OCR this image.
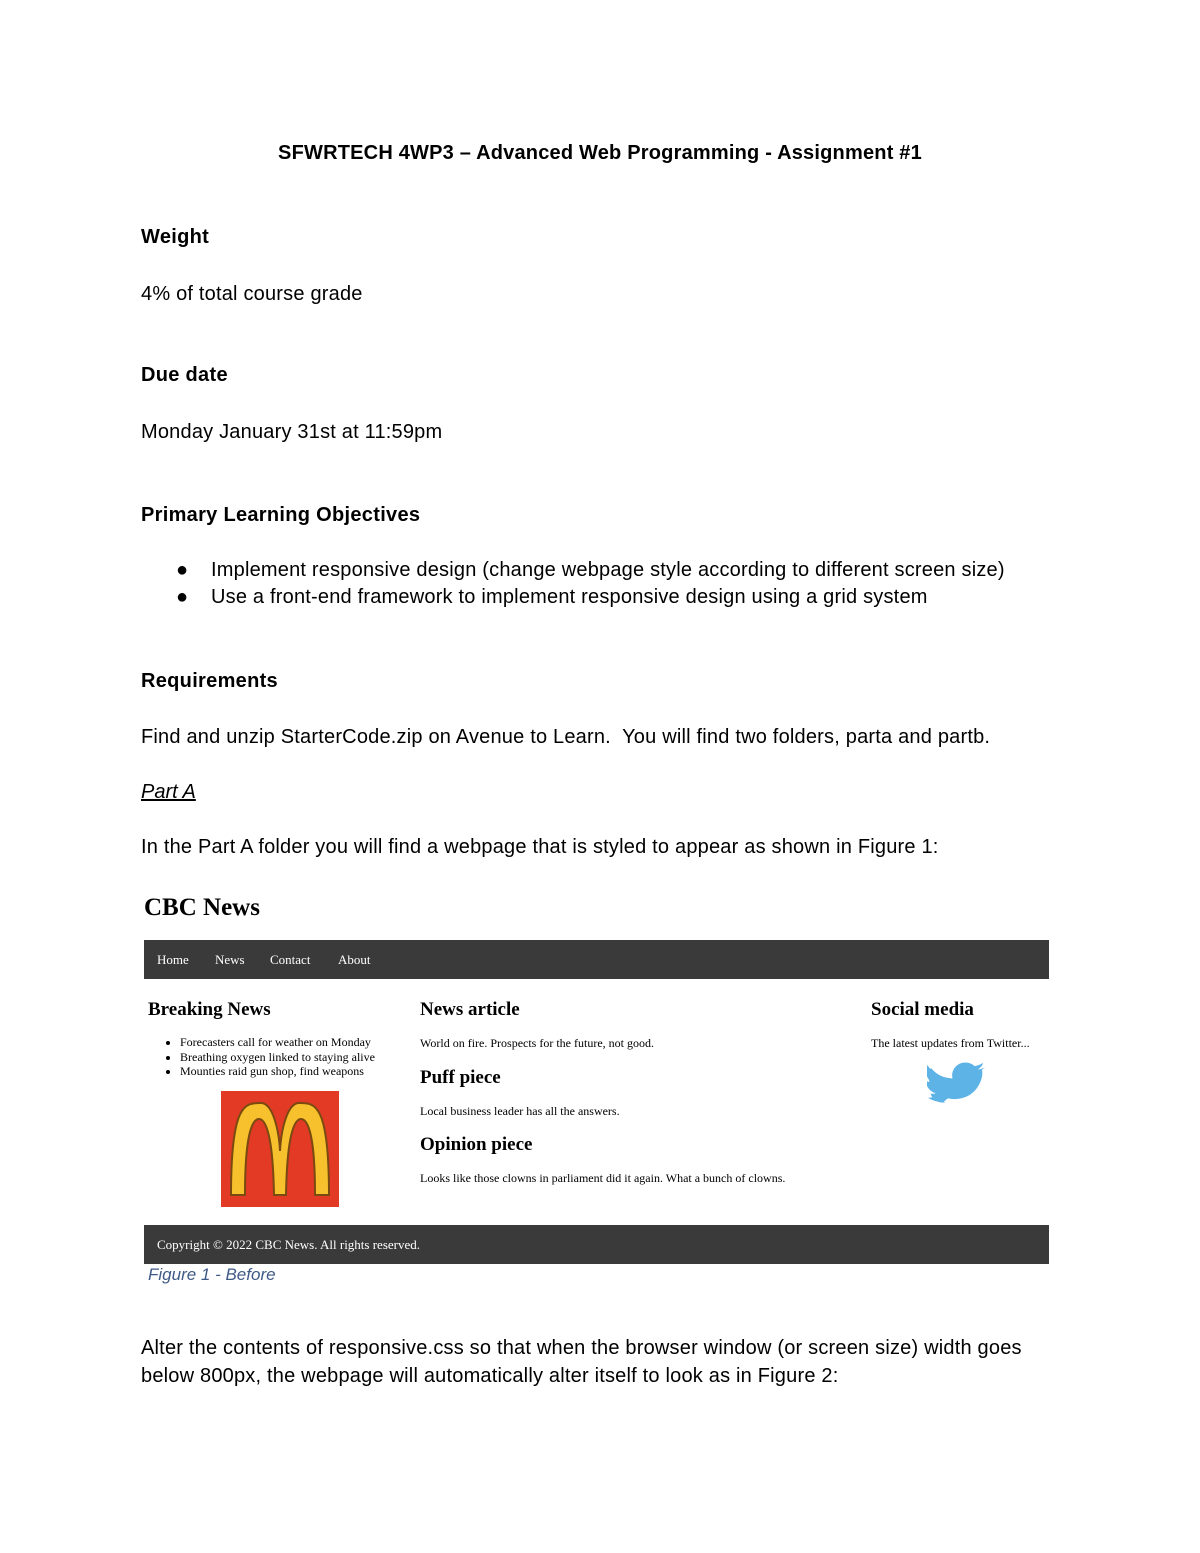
SFWRTECH 4WP3 – Advanced Web Programming - Assignment #1
Weight
4% of total course grade
Due date
Monday January 31st at 11:59pm
Primary Learning Objectives
● Implement responsive design (change webpage style according to different screen size)
● Use a front-end framework to implement responsive design using a grid system
Requirements
Find and unzip StarterCode.zip on Avenue to Learn.  You will find two folders, parta and partb.
Part A
In the Part A folder you will find a webpage that is styled to appear as shown in Figure 1:
CBC News
Home News Contact About
Breaking News
• Forecasters call for weather on Monday
• Breathing oxygen linked to staying alive
• Mounties raid gun shop, find weapons
News article
World on fire. Prospects for the future, not good.
Puff piece
Local business leader has all the answers.
Opinion piece
Looks like those clowns in parliament did it again. What a bunch of clowns.
Social media
The latest updates from Twitter...
Copyright © 2022 CBC News. All rights reserved.
Figure 1 - Before
Alter the contents of responsive.css so that when the browser window (or screen size) width goes below 800px, the webpage will automatically alter itself to look as in Figure 2:
